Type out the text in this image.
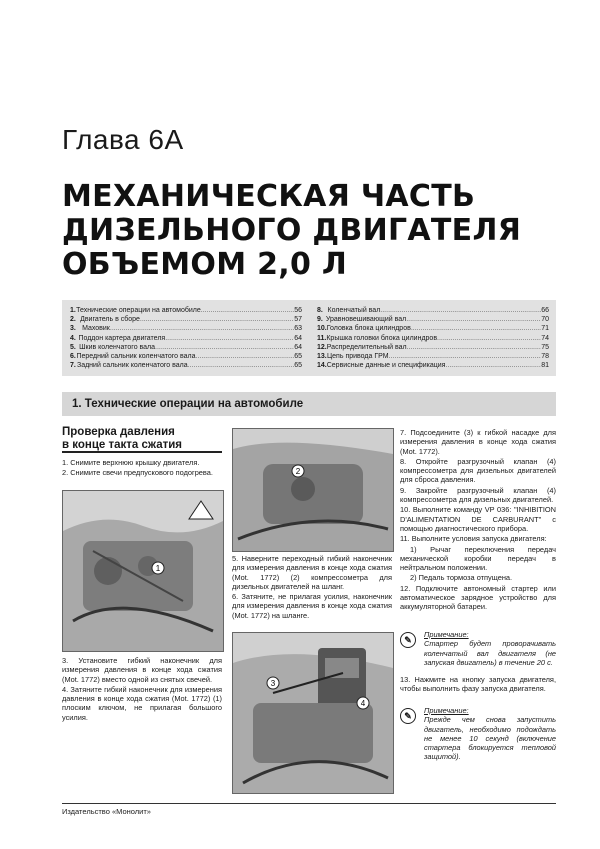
Глава 6А
МЕХАНИЧЕСКАЯ ЧАСТЬ
ДИЗЕЛЬНОГО ДВИГАТЕЛЯ
ОБЪЕМОМ 2,0 Л
1. Технические операции на автомобиле .....	56
2. Двигатель в сборе .....	57
3. Маховик .....	63
4. Поддон картера двигателя .....	64
5. Шкив коленчатого вала .....	64
6. Передний сальник коленчатого вала .....	65
7. Задний сальник коленчатого вала .....	65
8. Коленчатый вал .....	66
9. Уравновешивающий вал .....	70
10. Головка блока цилиндров .....	71
11. Крышка головки блока цилиндров .....	74
12. Распределительный вал .....	75
13. Цепь привода ГРМ .....	78
14. Сервисные данные и спецификация .....	81
1. Технические операции на автомобиле
Проверка давления
в конце такта сжатия

1. Снимите верхнюю крышку двигателя.

2. Снимите свечи предпускового подогрева.

1

3. Установите гибкий наконечник для измерения давления в конце хода сжатия (Mot. 1772) вместо одной из снятых свечей.

4. Затяните гибкий наконечник для измерения давления в конце хода сжатия (Mot. 1772) (1) плоским ключом, не прилагая большого усилия.

2

5. Наверните переходный гибкий наконечник для измерения давления в конце хода сжатия (Mot. 1772) (2) компрессометра для дизельных двигателей на шланг.

6. Затяните, не прилагая усилия, наконечник для измерения давления в конце хода сжатия (Mot. 1772) на шланге.

3
4

7. Подсоедините (3) к гибкой насадке для измерения давления в конце хода сжатия (Mot. 1772).

8. Откройте разгрузочный клапан (4) компрессометра для дизельных двигателей для сброса давления.

9. Закройте разгрузочный клапан (4) компрессометра для дизельных двигателей.

10. Выполните команду VP 036: "INHIBITION D'ALIMENTATION DE CARBURANT" с помощью диагностического прибора.

11. Выполните условия запуска двигателя:

1) Рычаг переключения передач механической коробки передач в нейтральном положении.

2) Педаль тормоза отпущена.

12. Подключите автономный стартер или автоматическое зарядное устройство для аккумуляторной батареи.

✎
Примечание:
Стартер будет проворачивать коленчатый вал двигателя (не запуская двигатель) в течение 20 с.

13. Нажмите на кнопку запуска двигателя, чтобы выполнить фазу запуска двигателя.

✎
Примечание:
Прежде чем снова запустить двигатель, необходимо подождать не менее 10 секунд (включение стартера блокируется тепловой защитой).
Издательство «Монолит»
